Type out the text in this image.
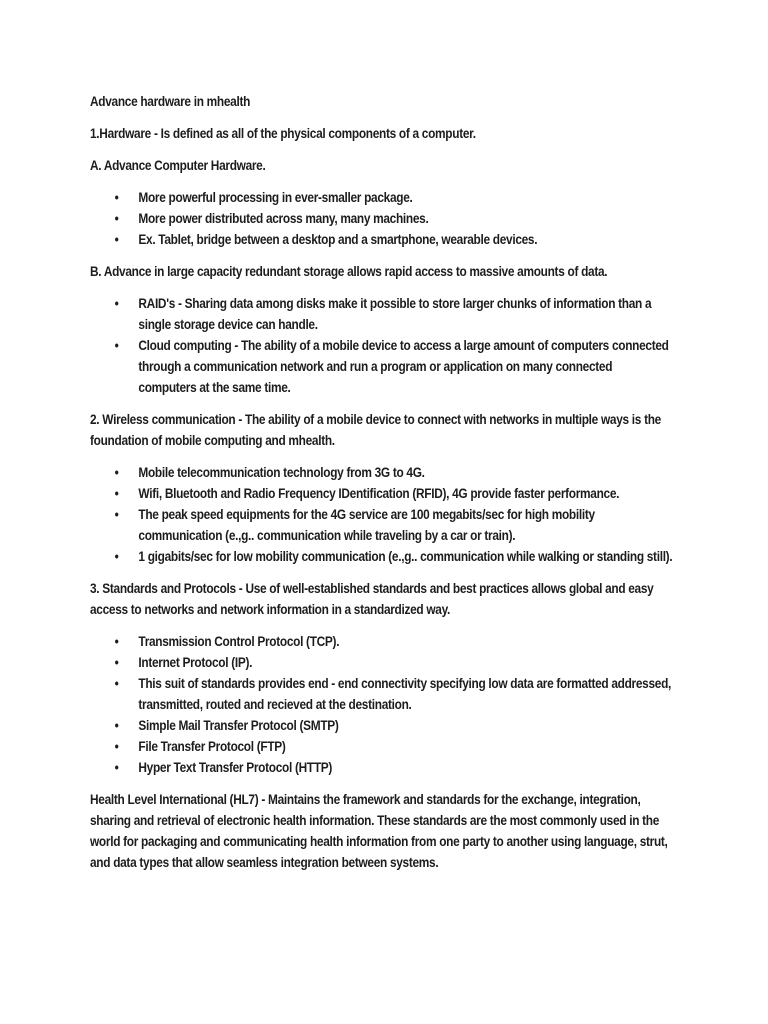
Advance hardware in mhealth

1.Hardware - Is defined as all of the physical components of a computer.

A. Advance Computer Hardware.

• More powerful processing in ever-smaller package.
• More power distributed across many, many machines.
• Ex. Tablet, bridge between a desktop and a smartphone, wearable devices.

B. Advance in large capacity redundant storage allows rapid access to massive amounts of data.

• RAID's - Sharing data among disks make it possible to store larger chunks of information than a single storage device can handle.
• Cloud computing - The ability of a mobile device to access a large amount of computers connected through a communication network and run a program or application on many connected computers at the same time.

2. Wireless communication - The ability of a mobile device to connect with networks in multiple ways is the foundation of mobile computing and mhealth.

• Mobile telecommunication technology from 3G to 4G.
• Wifi, Bluetooth and Radio Frequency IDentification (RFID), 4G provide faster performance.
• The peak speed equipments for the 4G service are 100 megabits/sec for high mobility communication (e.,g.. communication while traveling by a car or train).
• 1 gigabits/sec for low mobility communication (e.,g.. communication while walking or standing still).

3. Standards and Protocols - Use of well-established standards and best practices allows global and easy access to networks and network information in a standardized way.

• Transmission Control Protocol (TCP).
• Internet Protocol (IP).
• This suit of standards provides end - end connectivity specifying low data are formatted addressed, transmitted, routed and recieved at the destination.
• Simple Mail Transfer Protocol (SMTP)
• File Transfer Protocol (FTP)
• Hyper Text Transfer Protocol (HTTP)

Health Level International (HL7) - Maintains the framework and standards for the exchange, integration, sharing and retrieval of electronic health information. These standards are the most commonly used in the world for packaging and communicating health information from one party to another using language, strut, and data types that allow seamless integration between systems.
